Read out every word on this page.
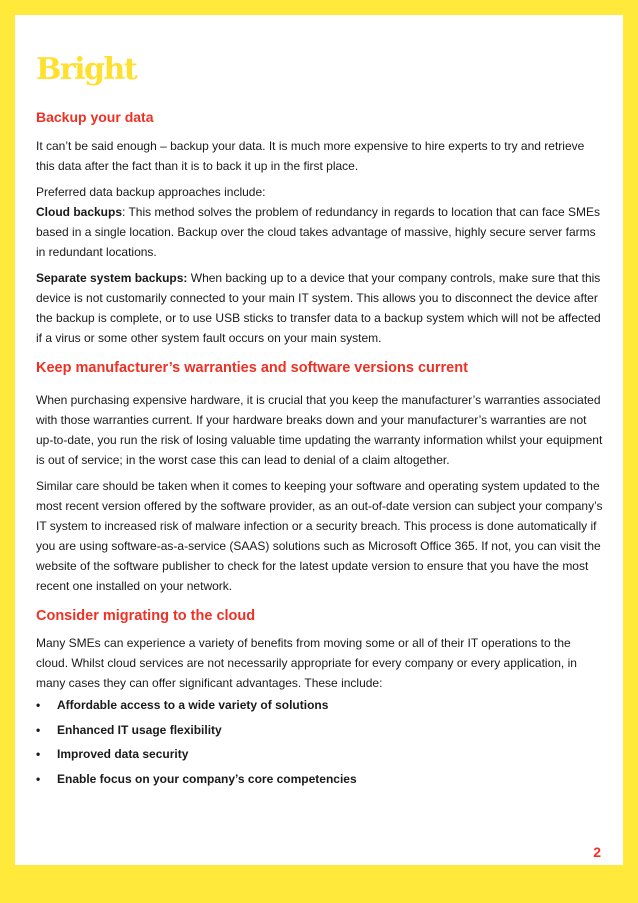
Bright
Backup your data

It can’t be said enough – backup your data. It is much more expensive to hire experts to try and retrieve this data after the fact than it is to back it up in the first place.

Preferred data backup approaches include:
Cloud backups: This method solves the problem of redundancy in regards to location that can face SMEs based in a single location. Backup over the cloud takes advantage of massive, highly secure server farms in redundant locations.

Separate system backups: When backing up to a device that your company controls, make sure that this device is not customarily connected to your main IT system. This allows you to disconnect the device after the backup is complete, or to use USB sticks to transfer data to a backup system which will not be affected if a virus or some other system fault occurs on your main system.

Keep manufacturer’s warranties and software versions current

When purchasing expensive hardware, it is crucial that you keep the manufacturer’s warranties associated with those warranties current. If your hardware breaks down and your manufacturer’s warranties are not up-to-date, you run the risk of losing valuable time updating the warranty information whilst your equipment is out of service; in the worst case this can lead to denial of a claim altogether.

Similar care should be taken when it comes to keeping your software and operating system updated to the most recent version offered by the software provider, as an out-of-date version can subject your company’s IT system to increased risk of malware infection or a security breach. This process is done automatically if you are using software-as-a-service (SAAS) solutions such as Microsoft Office 365. If not, you can visit the website of the software publisher to check for the latest update version to ensure that you have the most recent one installed on your network.

Consider migrating to the cloud

Many SMEs can experience a variety of benefits from moving some or all of their IT operations to the cloud. Whilst cloud services are not necessarily appropriate for every company or every application, in many cases they can offer significant advantages. These include:

• Affordable access to a wide variety of solutions
• Enhanced IT usage flexibility
• Improved data security
• Enable focus on your company’s core competencies
2
